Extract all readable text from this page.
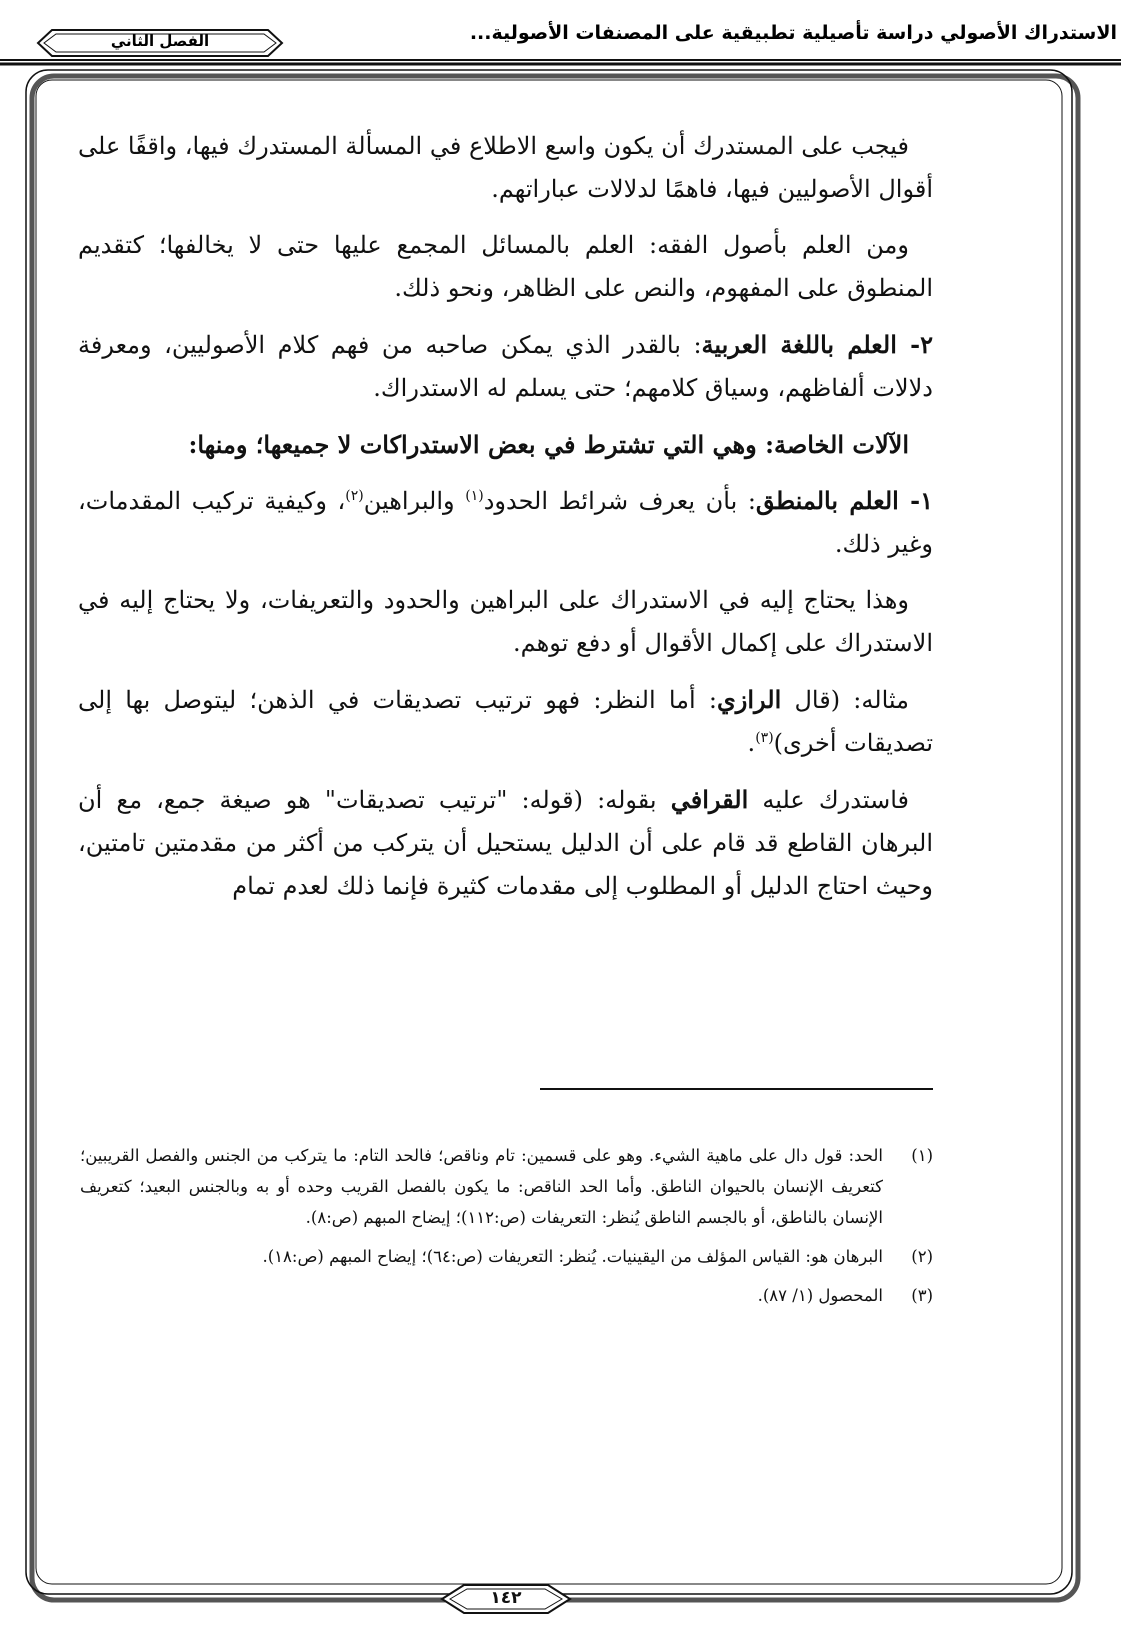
الاستدراك الأصولي دراسة تأصيلية تطبيقية على المصنفات الأصولية...
الفصل الثاني

فيجب على المستدرك أن يكون واسع الاطلاع في المسألة المستدرك فيها، واقفًا على أقوال الأصوليين فيها، فاهمًا لدلالات عباراتهم.

ومن العلم بأصول الفقه: العلم بالمسائل المجمع عليها حتى لا يخالفها؛ كتقديم المنطوق على المفهوم، والنص على الظاهر، ونحو ذلك.

٢- العلم باللغة العربية: بالقدر الذي يمكن صاحبه من فهم كلام الأصوليين، ومعرفة دلالات ألفاظهم، وسياق كلامهم؛ حتى يسلم له الاستدراك.

الآلات الخاصة: وهي التي تشترط في بعض الاستدراكات لا جميعها؛ ومنها:

١- العلم بالمنطق: بأن يعرف شرائط الحدود$^{(١)}$ والبراهين$^{(٢)}$، وكيفية تركيب المقدمات، وغير ذلك.

وهذا يحتاج إليه في الاستدراك على البراهين والحدود والتعريفات، ولا يحتاج إليه في الاستدراك على إكمال الأقوال أو دفع توهم.

مثاله: (قال الرازي: أما النظر: فهو ترتيب تصديقات في الذهن؛ ليتوصل بها إلى تصديقات أخرى)$^{(٣)}$.

فاستدرك عليه القرافي بقوله: (قوله: "ترتيب تصديقات" هو صيغة جمع، مع أن البرهان القاطع قد قام على أن الدليل يستحيل أن يتركب من أكثر من مقدمتين تامتين، وحيث احتاج الدليل أو المطلوب إلى مقدمات كثيرة فإنما ذلك لعدم تمام

(١)
الحد: قول دال على ماهية الشيء. وهو على قسمين: تام وناقص؛ فالحد التام: ما يتركب من الجنس والفصل القريبين؛ كتعريف الإنسان بالحيوان الناطق. وأما الحد الناقص: ما يكون بالفصل القريب وحده أو به وبالجنس البعيد؛ كتعريف الإنسان بالناطق، أو بالجسم الناطق يُنظر: التعريفات (ص:١١٢)؛ إيضاح المبهم (ص:٨).
(٢)
البرهان هو: القياس المؤلف من اليقينيات. يُنظر: التعريفات (ص:٦٤)؛ إيضاح المبهم (ص:١٨).
(٣)
المحصول (١/ ٨٧).
١٤٢
